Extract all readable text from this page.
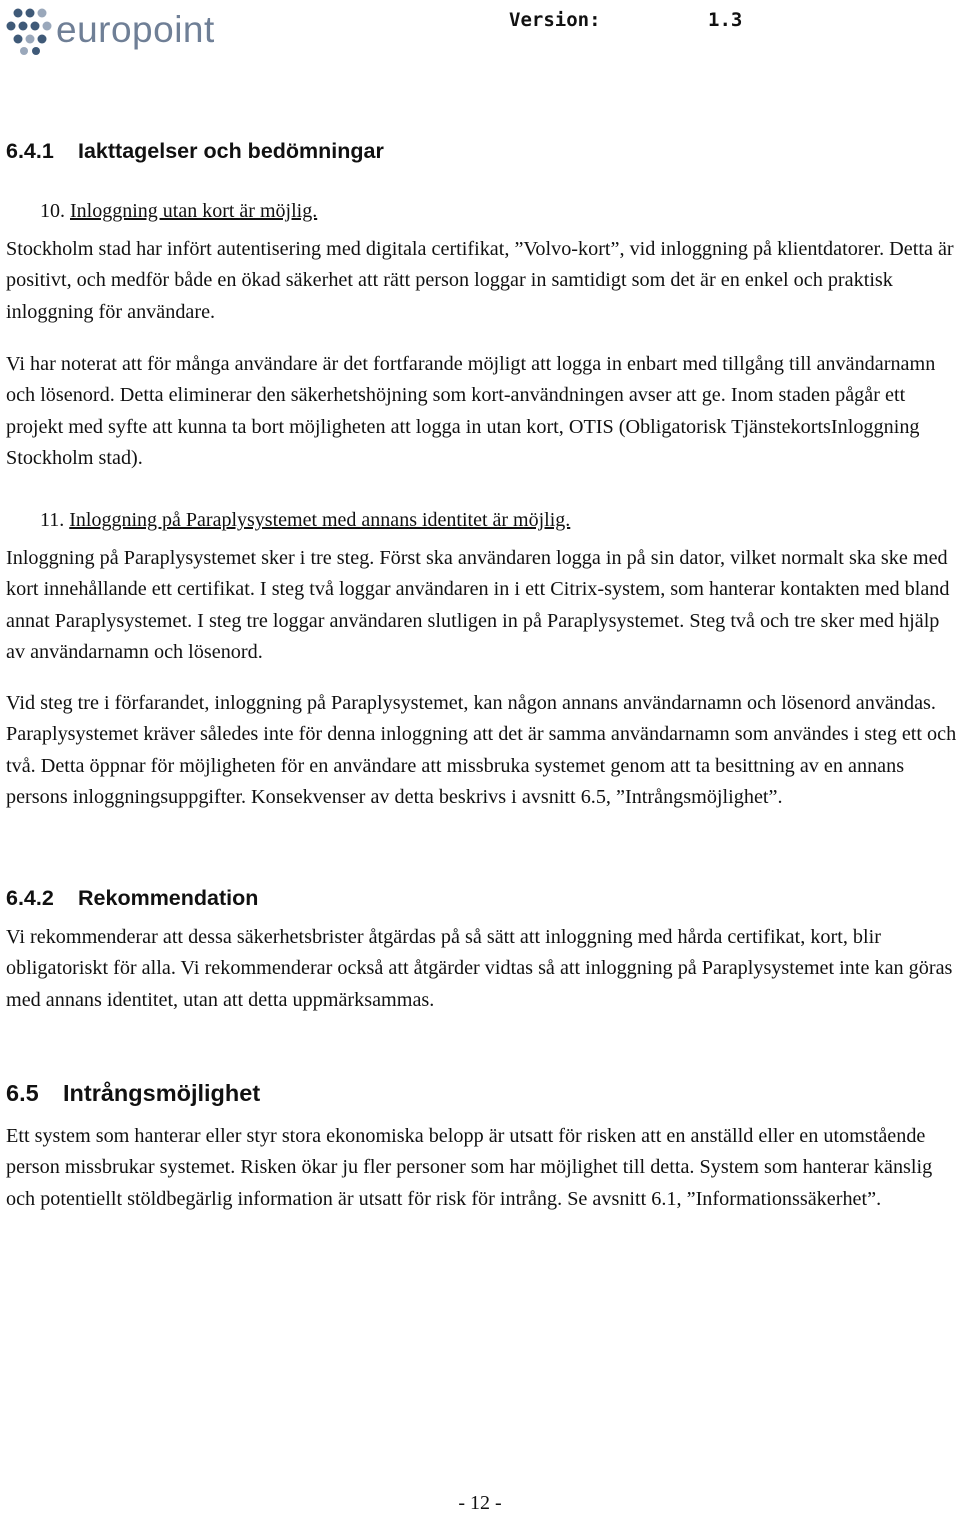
europoint	Version:	1.3
6.4.1 Iakttagelser och bedömningar
10. Inloggning utan kort är möjlig.

Stockholm stad har infört autentisering med digitala certifikat, ”Volvo-kort”, vid inloggning på klientdatorer. Detta är positivt, och medför både en ökad säkerhet att rätt person loggar in samtidigt som det är en enkel och praktisk inloggning för användare.

Vi har noterat att för många användare är det fortfarande möjligt att logga in enbart med tillgång till användarnamn och lösenord. Detta eliminerar den säkerhetshöjning som kort-användningen avser att ge. Inom staden pågår ett projekt med syfte att kunna ta bort möjligheten att logga in utan kort, OTIS (Obligatorisk TjänstekortsInloggning Stockholm stad).

11. Inloggning på Paraplysystemet med annans identitet är möjlig.

Inloggning på Paraplysystemet sker i tre steg. Först ska användaren logga in på sin dator, vilket normalt ska ske med kort innehållande ett certifikat. I steg två loggar användaren in i ett Citrix-system, som hanterar kontakten med bland annat Paraplysystemet. I steg tre loggar användaren slutligen in på Paraplysystemet. Steg två och tre sker med hjälp av användarnamn och lösenord.

Vid steg tre i förfarandet, inloggning på Paraplysystemet, kan någon annans användarnamn och lösenord användas. Paraplysystemet kräver således inte för denna inloggning att det är samma användarnamn som användes i steg ett och två. Detta öppnar för möjligheten för en användare att missbruka systemet genom att ta besittning av en annans persons inloggningsuppgifter. Konsekvenser av detta beskrivs i avsnitt 6.5, ”Intrångsmöjlighet”.

6.4.2 Rekommendation

Vi rekommenderar att dessa säkerhetsbrister åtgärdas på så sätt att inloggning med hårda certifikat, kort, blir obligatoriskt för alla. Vi rekommenderar också att åtgärder vidtas så att inloggning på Paraplysystemet inte kan göras med annans identitet, utan att detta uppmärksammas.

6.5 Intrångsmöjlighet

Ett system som hanterar eller styr stora ekonomiska belopp är utsatt för risken att en anställd eller en utomstående person missbrukar systemet. Risken ökar ju fler personer som har möjlighet till detta. System som hanterar känslig och potentiellt stöldbegärlig information är utsatt för risk för intrång. Se avsnitt 6.1, ”Informationssäkerhet”.

- 12 -
